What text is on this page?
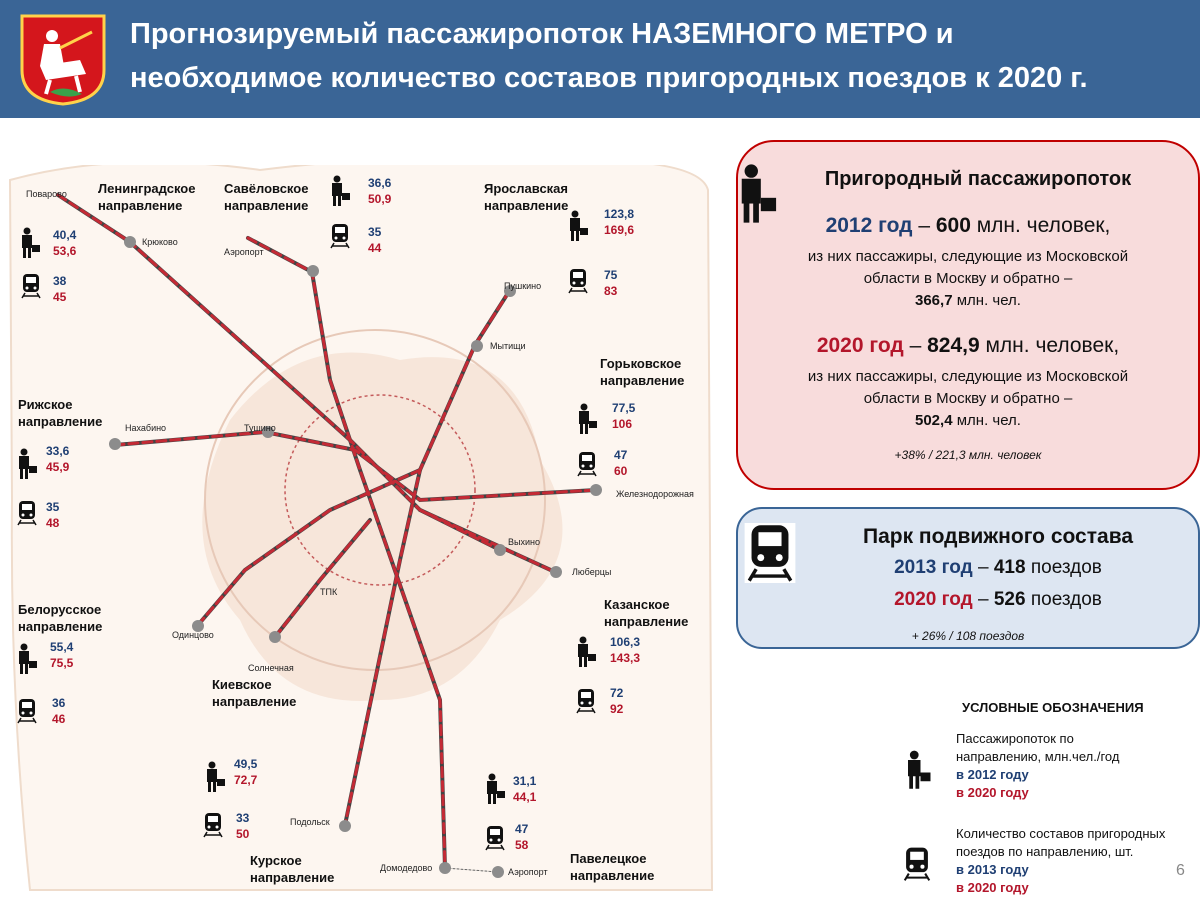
Прогнозируемый пассажиропоток НАЗЕМНОГО МЕТРО и
необходимое количество составов пригородных поездов к 2020 г.
Ленинградское направление
Савёловское направление
Ярославская направление
Горьковское направление
Рижское направление
Белорусское направление
Киевское направление
Казанское направление
Курское направление
Павелецкое направление
Поварово
Крюково
Аэропорт
Пушкино
Мытищи
Нахабино	Тушино
Железнодорожная
Выхино
Люберцы
Одинцово
ТПК
Солнечная
Подольск
Домодедово	Аэропорт
40,4
53,6
38
45
36,6
50,9
35
44
123,8
169,6
75
83
77,5
106
47
60
33,6
45,9
35
48
55,4
75,5
36
46
106,3
143,3
72
92
49,5
72,7
33
50
31,1
44,1
47
58
Пригородный пассажиропоток
2012 год – 600 млн. человек,
из них пассажиры, следующие из Московской
области в Москву и обратно –
366,7 млн. чел.
2020 год – 824,9 млн. человек,
из них пассажиры, следующие из Московской
области в Москву и обратно –
502,4 млн. чел.
+38% / 221,3 млн. человек
Парк подвижного состава
2013 год – 418 поездов
2020 год – 526 поездов
+ 26% / 108 поездов
УСЛОВНЫЕ ОБОЗНАЧЕНИЯ
Пассажиропоток по
направлению, млн.чел./год
в 2012 году
в 2020 году
Количество составов пригородных
поездов по направлению, шт.
в 2013 году
в 2020 году
6
